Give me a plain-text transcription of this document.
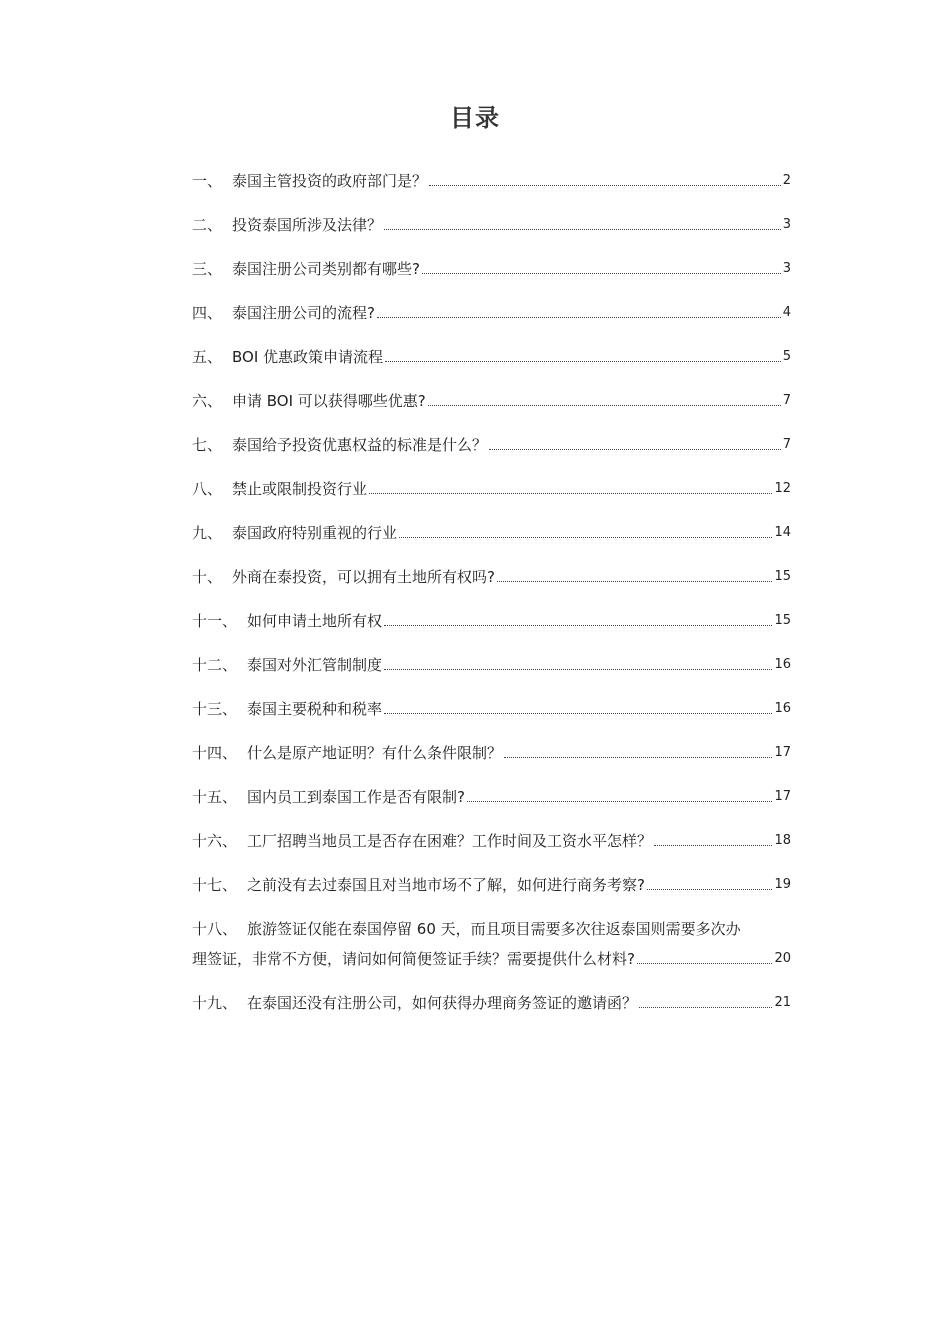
目录
一、 泰国主管投资的政府部门是？	2
二、 投资泰国所涉及法律？	3
三、 泰国注册公司类别都有哪些?	3
四、 泰国注册公司的流程?	4
五、 BOI 优惠政策申请流程	5
六、 申请 BOI 可以获得哪些优惠?	7
七、 泰国给予投资优惠权益的标准是什么？	7
八、 禁止或限制投资行业	12
九、 泰国政府特别重视的行业	14
十、 外商在泰投资，可以拥有土地所有权吗?	15
十一、 如何申请土地所有权	15
十二、 泰国对外汇管制制度	16
十三、 泰国主要税种和税率	16
十四、 什么是原产地证明？有什么条件限制？	17
十五、 国内员工到泰国工作是否有限制?	17
十六、 工厂招聘当地员工是否存在困难？工作时间及工资水平怎样？	18
十七、 之前没有去过泰国且对当地市场不了解，如何进行商务考察?	19
十八、 旅游签证仅能在泰国停留 60 天，而且项目需要多次往返泰国则需要多次办
理签证，非常不方便，请问如何简便签证手续？需要提供什么材料?	20
十九、 在泰国还没有注册公司，如何获得办理商务签证的邀请函？	21
